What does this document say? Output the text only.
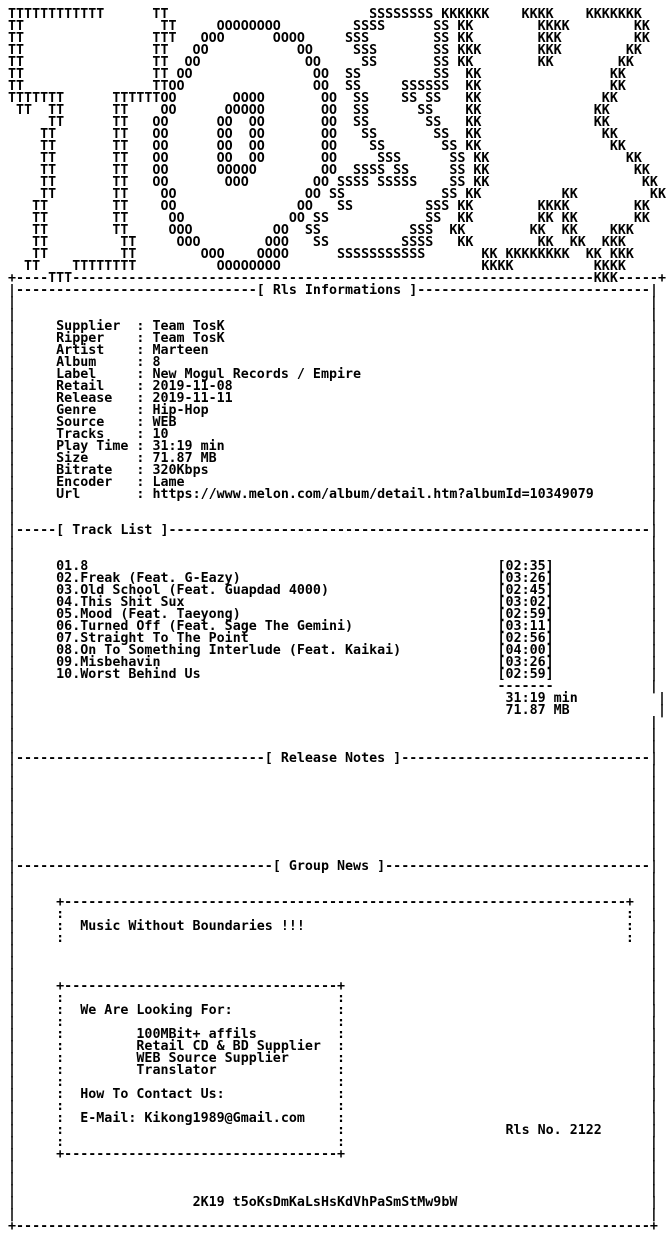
TTTTTTTTTTTT      TT                         SSSSSSSS KKKKKK    KKKK    KKKKKKK
TT                 TT     OOOOOOOO         SSSS      SS KK        KKKK        KK
TT                TTT   OOO      OOOO     SSS        SS KK        KKK         KK
TT                TT   OO           OO     SSS       SS KKK       KKK        KK
TT                TT  OO             OO     SS       SS KK        KK        KK
TT                TT OO               OO  SS         SS  KK                KK
TT                TTOO                OO  SS     SSSSSS  KK                KK
TTTTTTT      TTTTTTOO       OOOO       OO  SS    SS SS   KK               KK
TT  TT      TT    OO      OOOOO       OO  SS      SS    KK              KK
TT      TT   OO      OO  OO       OO  SS       SS   KK              KK
TT       TT   OO      OO  OO       OO   SS       SS  KK               KK
TT       TT   OO      OO  OO       OO    SS       SS KK                KK
TT       TT   OO      OO  OO       OO     SSS      SS KK                 KK
TT       TT   OO      OOOOO        OO  SSSS SS     SS KK                  KK
TT       TT   OO       OOO        OO SSSS SSSSS    SS KK                   KK
TT       TT    OO                OO SS            SS KK          KK         KK
TT        TT    OO               OO   SS         SSS KK        KKKK        KK
TT        TT     OO             OO SS            SS  KK        KK KK       KK
TT        TT     OOO          OO  SS           SSS  KK        KK  KK    KKK
TT         TT     OOO        OOO   SS         SSSS   KK        KK  KK  KKK
TT         TT        OOO    OOOO      SSSSSSSSSSS       KK KKKKKKKK  KK KKK
TT    TTTTTTTT          OOOOOOOO                         KKKK          KKKK
+----TTT-----------------------------------------------------------------KKK-----+
|------------------------------[ Rls Informations ]-----------------------------|
|                                                                               |
|                                                                               |
|     Supplier  : Team TosK                                                     |
|     Ripper    : Team TosK                                                     |
|     Artist    : Marteen                                                       |
|     Album     : 8                                                             |
|     Label     : New Mogul Records / Empire                                    |
|     Retail    : 2019-11-08                                                    |
|     Release   : 2019-11-11                                                    |
|     Genre     : Hip-Hop                                                       |
|     Source    : WEB                                                           |
|     Tracks    : 10                                                            |
|     Play Time : 31:19 min                                                     |
|     Size      : 71.87 MB                                                      |
|     Bitrate   : 320Kbps                                                       |
|     Encoder   : Lame                                                          |
|     Url       : https://www.melon.com/album/detail.htm?albumId=10349079       |
|                                                                               |
|                                                                               |
|-----[ Track List ]------------------------------------------------------------|
|                                                                               |
|                                                                               |
|     01.8	[02:35]            |
|     02.Freak (Feat. G-Eazy)	[03:26]            |
|     03.Old School (Feat. Guapdad 4000)	[02:45]            |
|     04.This Shit Sux	[03:02]            |
|     05.Mood (Feat. Taeyong)	[02:59]            |
|     06.Turned Off (Feat. Sage The Gemini)	[03:11]            |
|     07.Straight To The Point	[02:56]            |
|     08.On To Something Interlude (Feat. Kaikai)	[04:00]            |
|     09.Misbehavin	[03:26]            |
|     10.Worst Behind Us	[02:59]            |
|                                                            -------            |
|                                                             31:19 min          |
|                                                             71.87 MB           |
|                                                                               |
|                                                                               |
|                                                                               |
|-------------------------------[ Release Notes ]-------------------------------|
|                                                                               |
|                                                                               |
|                                                                               |
|                                                                               |
|                                                                               |
|                                                                               |
|                                                                               |
|                                                                               |
|--------------------------------[ Group News ]---------------------------------|
|                                                                               |
|                                                                               |
|     +----------------------------------------------------------------------+  |
|     :                                                                      :  |
|     :  Music Without Boundaries !!!                                        :  |
|     :                                                                      :  |
|                                                                               |
|                                                                               |
|                                                                               |
|     +----------------------------------+                                      |
|     :                                  :                                      |
|     :  We Are Looking For:             :                                      |
|     :                                  :                                      |
|     :         100MBit+ affils          :                                      |
|     :         Retail CD & BD Supplier  :                                      |
|     :         WEB Source Supplier      :                                      |
|     :         Translator               :                                      |
|     :                                  :                                      |
|     :  How To Contact Us:              :                                      |
|     :                                  :                                      |
|     :  E-Mail: Kikong1989@Gmail.com    :                                      |
|     :                                  :                    Rls No. 2122      |
|     :                                  :                                      |
|     +----------------------------------+                                      |
|                                                                               |
|                                                                               |
|                                                                               |
|                      2K19 t5oKsDmKaLsHsKdVhPaSmStMw9bW                        |
|                                                                               |
+-------------------------------------------------------------------------------+
